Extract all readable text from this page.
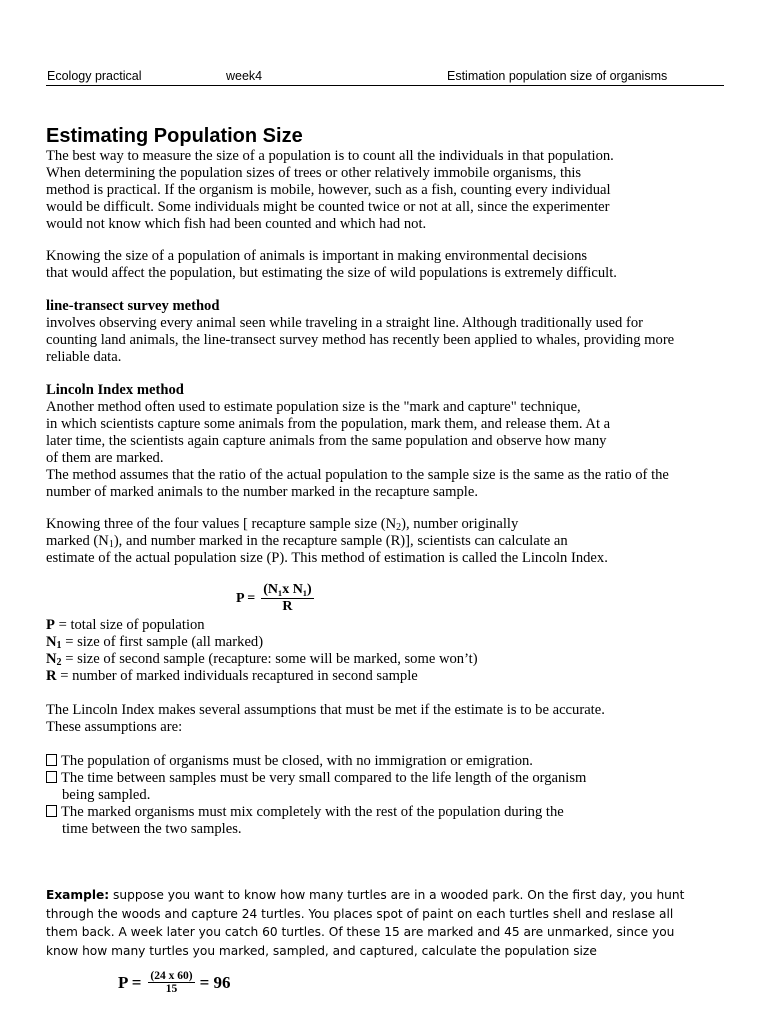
Ecology practical	week4	Estimation population size of organisms
Estimating Population Size
The best way to measure the size of a population is to count all the individuals in that population.
When determining the population sizes of trees or other relatively immobile organisms, this
method is practical. If the organism is mobile, however, such as a fish, counting every individual
would be difficult. Some individuals might be counted twice or not at all, since the experimenter
would not know which fish had been counted and which had not.
Knowing the size of a population of animals is important in making environmental decisions
that would affect the population, but estimating the size of wild populations is extremely difficult.
line-transect survey method
involves observing every animal seen while traveling in a straight line. Although traditionally used for
counting land animals, the line-transect survey method has recently been applied to whales, providing more
reliable data.
Lincoln Index method
Another method often used to estimate population size is the "mark and capture" technique,
in which scientists capture some animals from the population, mark them, and release them. At a
later time, the scientists again capture animals from the same population and observe how many
of them are marked.
The method assumes that the ratio of the actual population to the sample size is the same as the ratio of the
number of marked animals to the number marked in the recapture sample.
Knowing three of the four values [ recapture sample size (N2), number originally
marked (N1), and number marked in the recapture sample (R)], scientists can calculate an
estimate of the actual population size (P). This method of estimation is called the Lincoln Index.
$P = \frac{\text{(N₁x N₁)}}{R}$
P = total size of population
N1 = size of first sample (all marked)
N2 = size of second sample (recapture: some will be marked, some won’t)
R = number of marked individuals recaptured in second sample
The Lincoln Index makes several assumptions that must be met if the estimate is to be accurate.
These assumptions are:
The population of organisms must be closed, with no immigration or emigration.
The time between samples must be very small compared to the life length of the organism
being sampled.
The marked organisms must mix completely with the rest of the population during the
time between the two samples.
Example: suppose you want to know how many turtles are in a wooded park. On the first day, you hunt
through the woods and capture 24 turtles. You places spot of paint on each turtles shell and reslase all
them back. A week later you catch 60 turtles. Of these 15 are marked and 45 are unmarked, since you
know how many turtles you marked, sampled, and captured, calculate the population size
$P = \frac{(24 x 60)}{15} = 96$
